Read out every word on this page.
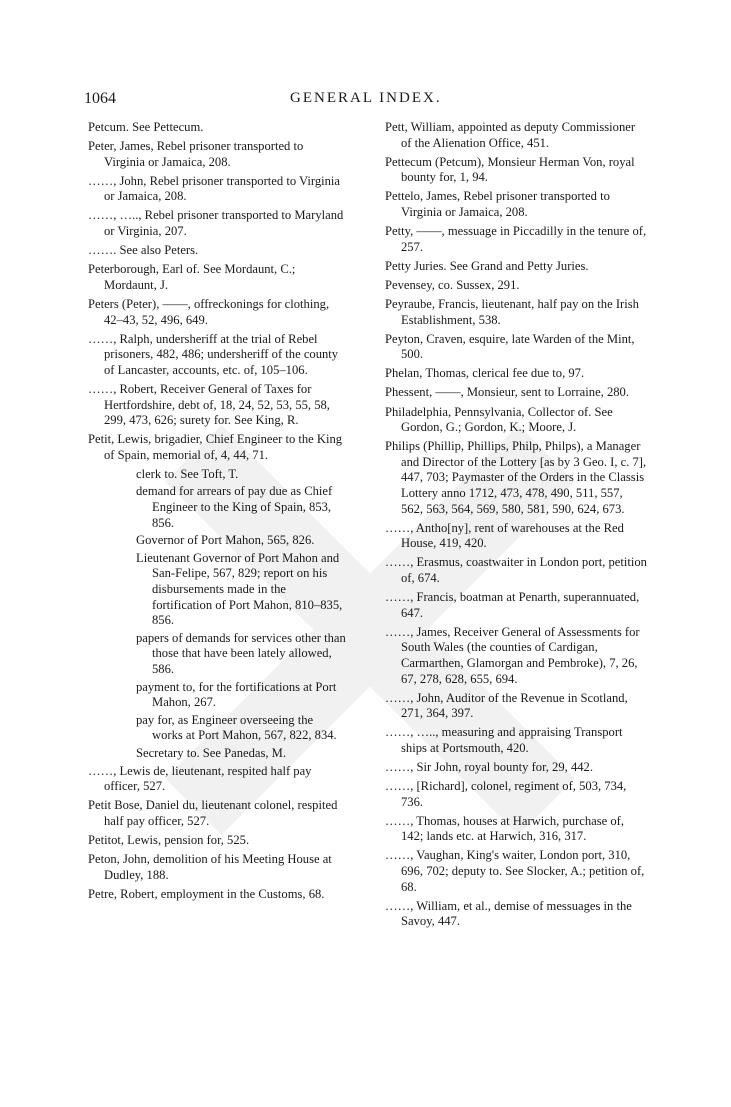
1064	GENERAL INDEX.

Petcum. See Pettecum.

Peter, James, Rebel prisoner transported to Virginia or Jamaica, 208.

……, John, Rebel prisoner transported to Virginia or Jamaica, 208.

……, ….., Rebel prisoner transported to Maryland or Virginia, 207.

……. See also Peters.

Peterborough, Earl of. See Mordaunt, C.; Mordaunt, J.

Peters (Peter), ——, offreckonings for clothing, 42–43, 52, 496, 649.

……, Ralph, undersheriff at the trial of Rebel prisoners, 482, 486; undersheriff of the county of Lancaster, accounts, etc. of, 105–106.

……, Robert, Receiver General of Taxes for Hertfordshire, debt of, 18, 24, 52, 53, 55, 58, 299, 473, 626; surety for. See King, R.

Petit, Lewis, brigadier, Chief Engineer to the King of Spain, memorial of, 4, 44, 71.

clerk to. See Toft, T.

demand for arrears of pay due as Chief Engineer to the King of Spain, 853, 856.

Governor of Port Mahon, 565, 826.

Lieutenant Governor of Port Mahon and San-Felipe, 567, 829; report on his disbursements made in the fortification of Port Mahon, 810–835, 856.

papers of demands for services other than those that have been lately allowed, 586.

payment to, for the fortifications at Port Mahon, 267.

pay for, as Engineer overseeing the works at Port Mahon, 567, 822, 834.

Secretary to. See Panedas, M.

……, Lewis de, lieutenant, respited half pay officer, 527.

Petit Bose, Daniel du, lieutenant colonel, respited half pay officer, 527.

Petitot, Lewis, pension for, 525.

Peton, John, demolition of his Meeting House at Dudley, 188.

Petre, Robert, employment in the Customs, 68.

Pett, William, appointed as deputy Commissioner of the Alienation Office, 451.

Pettecum (Petcum), Monsieur Herman Von, royal bounty for, 1, 94.

Pettelo, James, Rebel prisoner transported to Virginia or Jamaica, 208.

Petty, ——, messuage in Piccadilly in the tenure of, 257.

Petty Juries. See Grand and Petty Juries.

Pevensey, co. Sussex, 291.

Peyraube, Francis, lieutenant, half pay on the Irish Establishment, 538.

Peyton, Craven, esquire, late Warden of the Mint, 500.

Phelan, Thomas, clerical fee due to, 97.

Phessent, ——, Monsieur, sent to Lorraine, 280.

Philadelphia, Pennsylvania, Collector of. See Gordon, G.; Gordon, K.; Moore, J.

Philips (Phillip, Phillips, Philp, Philps), a Manager and Director of the Lottery [as by 3 Geo. I, c. 7], 447, 703; Paymaster of the Orders in the Classis Lottery anno 1712, 473, 478, 490, 511, 557, 562, 563, 564, 569, 580, 581, 590, 624, 673.

……, Antho[ny], rent of warehouses at the Red House, 419, 420.

……, Erasmus, coastwaiter in London port, petition of, 674.

……, Francis, boatman at Penarth, superannuated, 647.

……, James, Receiver General of Assessments for South Wales (the counties of Cardigan, Carmarthen, Glamorgan and Pembroke), 7, 26, 67, 278, 628, 655, 694.

……, John, Auditor of the Revenue in Scotland, 271, 364, 397.

……, ….., measuring and appraising Transport ships at Portsmouth, 420.

……, Sir John, royal bounty for, 29, 442.

……, [Richard], colonel, regiment of, 503, 734, 736.

……, Thomas, houses at Harwich, purchase of, 142; lands etc. at Harwich, 316, 317.

……, Vaughan, King's waiter, London port, 310, 696, 702; deputy to. See Slocker, A.; petition of, 68.

……, William, et al., demise of messuages in the Savoy, 447.
